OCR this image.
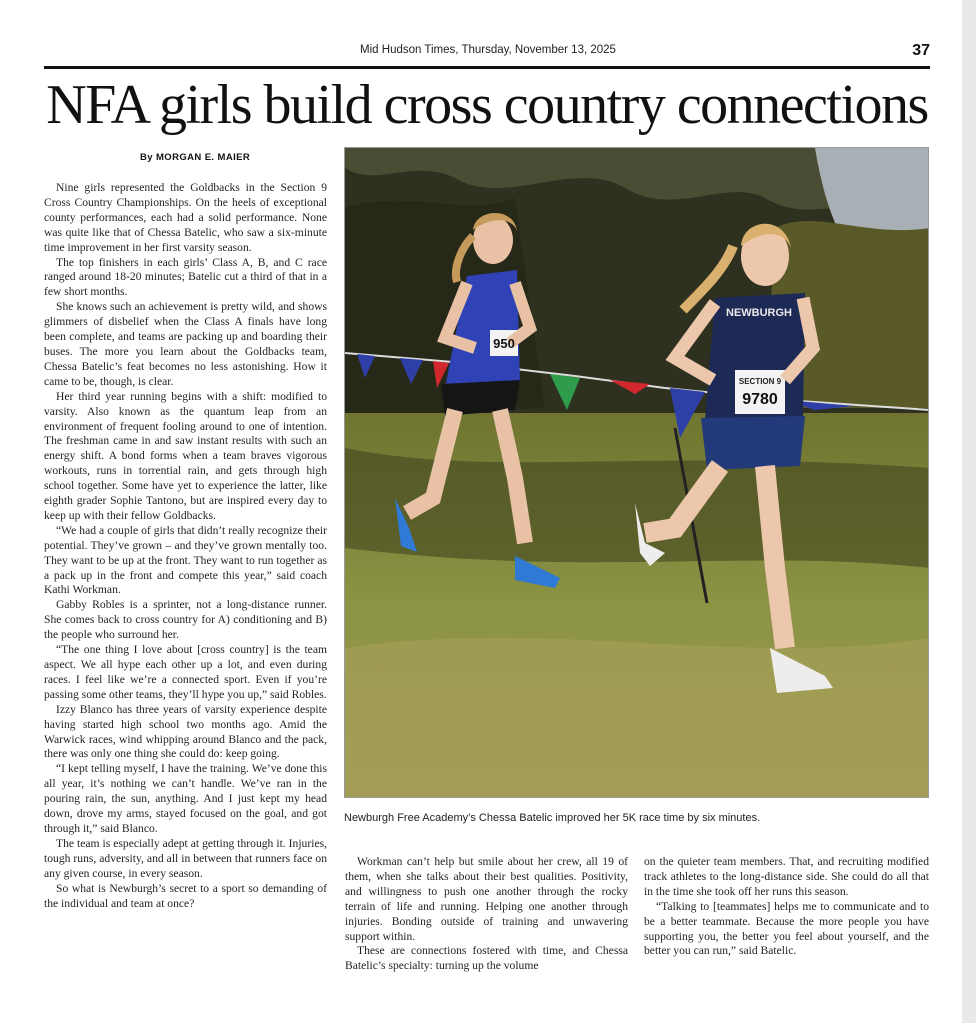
Mid Hudson Times, Thursday, November 13, 2025	37
NFA girls build cross country connections
By MORGAN E. MAIER

Nine girls represented the Goldbacks in the Section 9 Cross Country Championships. On the heels of exceptional county performances, each had a solid performance. None was quite like that of Chessa Batelic, who saw a six-minute time improvement in her first varsity season.

The top finishers in each girls’ Class A, B, and C race ranged around 18-20 minutes; Batelic cut a third of that in a few short months.

She knows such an achievement is pretty wild, and shows glimmers of disbelief when the Class A finals have long been complete, and teams are packing up and boarding their buses. The more you learn about the Goldbacks team, Chessa Batelic’s feat becomes no less astonishing. How it came to be, though, is clear.

Her third year running begins with a shift: modified to varsity. Also known as the quantum leap from an environment of frequent fooling around to one of intention. The freshman came in and saw instant results with such an energy shift. A bond forms when a team braves vigorous workouts, runs in torrential rain, and gets through high school together. Some have yet to experience the latter, like eighth grader Sophie Tantono, but are inspired every day to keep up with their fellow Goldbacks.

“We had a couple of girls that didn’t really recognize their potential. They’ve grown – and they’ve grown mentally too. They want to be up at the front. They want to run together as a pack up in the front and compete this year,” said coach Kathi Workman.

Gabby Robles is a sprinter, not a long-distance runner. She comes back to cross country for A) conditioning and B) the people who surround her.

“The one thing I love about [cross country] is the team aspect. We all hype each other up a lot, and even during races. I feel like we’re a connected sport. Even if you’re passing some other teams, they’ll hype you up,” said Robles.

Izzy Blanco has three years of varsity experience despite having started high school two months ago. Amid the Warwick races, wind whipping around Blanco and the pack, there was only one thing she could do: keep going.

“I kept telling myself, I have the training. We’ve done this all year, it’s nothing we can’t handle. We’ve ran in the pouring rain, the sun, anything. And I just kept my head down, drove my arms, stayed focused on the goal, and got through it,” said Blanco.

The team is especially adept at getting through it. Injuries, tough runs, adversity, and all in between that runners face on any given course, in every season.

So what is Newburgh’s secret to a sport so demanding of the individual and team at once?

950
NEWBURGH
SECTION 9
9780
Newburgh Free Academy’s Chessa Batelic improved her 5K race time by six minutes.

Workman can’t help but smile about her crew, all 19 of them, when she talks about their best qualities. Positivity, and willingness to push one another through the rocky terrain of life and running. Helping one another through injuries. Bonding outside of training and unwavering support within.

These are connections fostered with time, and Chessa Batelic’s specialty: turning up the volume

on the quieter team members. That, and recruiting modified track athletes to the long-distance side. She could do all that in the time she took off her runs this season.

“Talking to [teammates] helps me to communicate and to be a better teammate. Because the more people you have supporting you, the better you feel about yourself, and the better you can run,” said Batelic.
